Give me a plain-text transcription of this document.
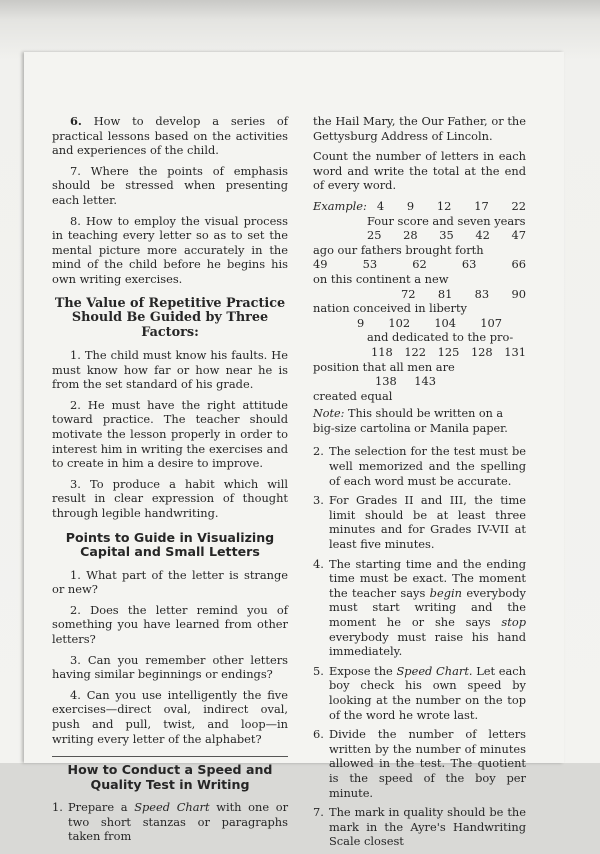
6. How to develop a series of practical lessons based on the activities and experiences of the child.

7. Where the points of emphasis should be stressed when presenting each letter.

8. How to employ the visual process in teaching every letter so as to set the mental picture more accurately in the mind of the child before he begins his own writing exercises.

The Value of Repetitive Practice Should Be Guided by Three Factors:

1. The child must know his faults. He must know how far or how near he is from the set standard of his grade.

2. He must have the right attitude toward practice. The teacher should motivate the lesson properly in order to interest him in writing the exercises and to create in him a desire to improve.

3. To produce a habit which will result in clear expression of thought through legible handwriting.

Points to Guide in Visualizing Capital and Small Letters

1. What part of the letter is strange or new?

2. Does the letter remind you of something you have learned from other letters?

3. Can you remember other letters having similar beginnings or endings?

4. Can you use intelligently the five exercises—direct oval, indirect oval, push and pull, twist, and loop—in writing every letter of the alphabet?

How to Conduct a Speed and Quality Test in Writing
1. Prepare a Speed Chart with one or two short stanzas or paragraphs taken from

the Hail Mary, the Our Father, or the Gettysburg Address of Lincoln.

Count the number of letters in each word and write the total at the end of every word.

Example: 4 9 12 17 22
Four score and seven years
25 28 35 42 47
ago our fathers brought forth
49	53	62	63	66
on this continent a new
72 81 83 90
nation conceived in liberty
9 102 104 107
and dedicated to the pro-
118 122 125 128 131
position that all men are
138 143
created equal
Note: This should be written on a big-size cartolina or Manila paper.
2. The selection for the test must be well memorized and the spelling of each word must be accurate.
3. For Grades II and III, the time limit should be at least three minutes and for Grades IV-VII at least five minutes.
4. The starting time and the ending time must be exact. The moment the teacher says begin everybody must start writing and the moment he or she says stop everybody must raise his hand immediately.
5. Expose the Speed Chart. Let each boy check his own speed by looking at the number on the top of the word he wrote last.
6. Divide the number of letters written by the number of minutes allowed in the test. The quotient is the speed of the boy per minute.
7. The mark in quality should be the mark in the Ayre's Handwriting Scale closest
